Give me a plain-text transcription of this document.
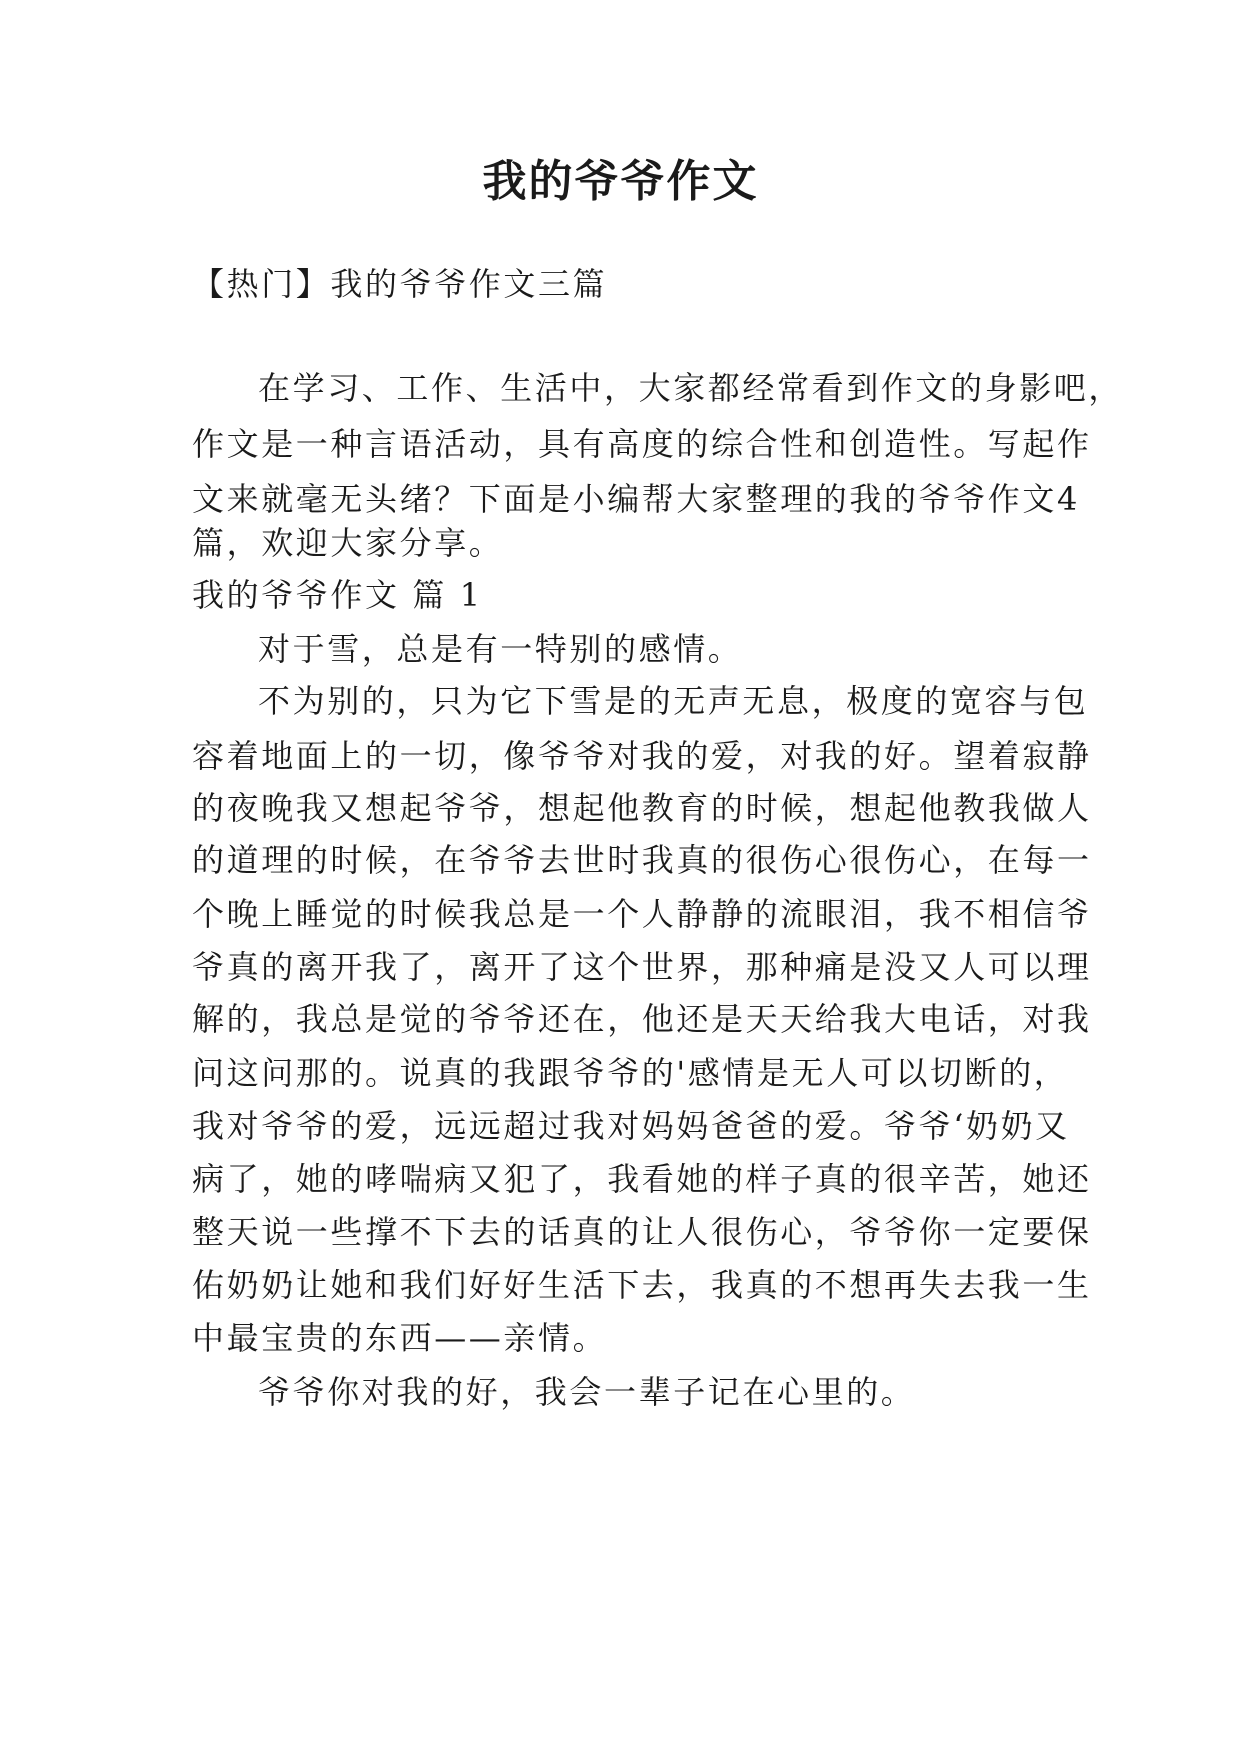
我的爷爷作文
【热门】我的爷爷作文三篇
在学习、工作、生活中，大家都经常看到作文的身影吧，
作文是一种言语活动，具有高度的综合性和创造性。写起作
文来就毫无头绪？下面是小编帮大家整理的我的爷爷作文4
篇，欢迎大家分享。
我的爷爷作文 篇 1
对于雪，总是有一特别的感情。
不为别的，只为它下雪是的无声无息，极度的宽容与包
容着地面上的一切，像爷爷对我的爱，对我的好。望着寂静
的夜晚我又想起爷爷，想起他教育的时候，想起他教我做人
的道理的时候，在爷爷去世时我真的很伤心很伤心，在每一
个晚上睡觉的时候我总是一个人静静的流眼泪，我不相信爷
爷真的离开我了，离开了这个世界，那种痛是没又人可以理
解的，我总是觉的爷爷还在，他还是天天给我大电话，对我
问这问那的。说真的我跟爷爷的'感情是无人可以切断的，
我对爷爷的爱，远远超过我对妈妈爸爸的爱。爷爷‘奶奶又
病了，她的哮喘病又犯了，我看她的样子真的很辛苦，她还
整天说一些撑不下去的话真的让人很伤心，爷爷你一定要保
佑奶奶让她和我们好好生活下去，我真的不想再失去我一生
中最宝贵的东西——亲情。
爷爷你对我的好，我会一辈子记在心里的。
